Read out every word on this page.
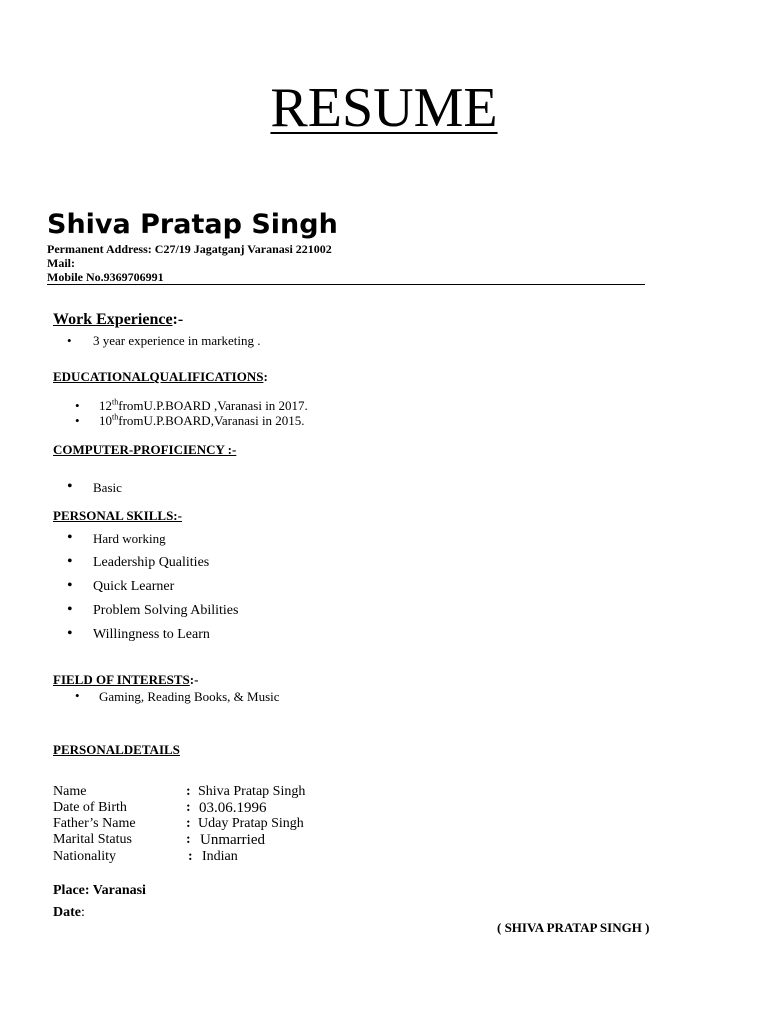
RESUME
Shiva Pratap Singh
Permanent Address: C27/19 Jagatganj Varanasi 221002
Mail:
Mobile No.9369706991
Work Experience:-
• 3 year experience in marketing .
EDUCATIONALQUALIFICATIONS:
• 12thfromU.P.BOARD ,Varanasi in 2017.
• 10thfromU.P.BOARD,Varanasi in 2015.
COMPUTER-PROFICIENCY :-
• Basic
PERSONAL SKILLS:-
• Hard working
• Leadership Qualities
• Quick Learner
• Problem Solving Abilities
• Willingness to Learn
FIELD OF INTERESTS:-
• Gaming, Reading Books, & Music
PERSONALDETAILS
Name	: Shiva Pratap Singh
Date of Birth	: 03.06.1996
Father’s Name	: Uday Pratap Singh
Marital Status	: Unmarried
Nationality	: Indian
Place: Varanasi
Date:
( SHIVA PRATAP SINGH )
